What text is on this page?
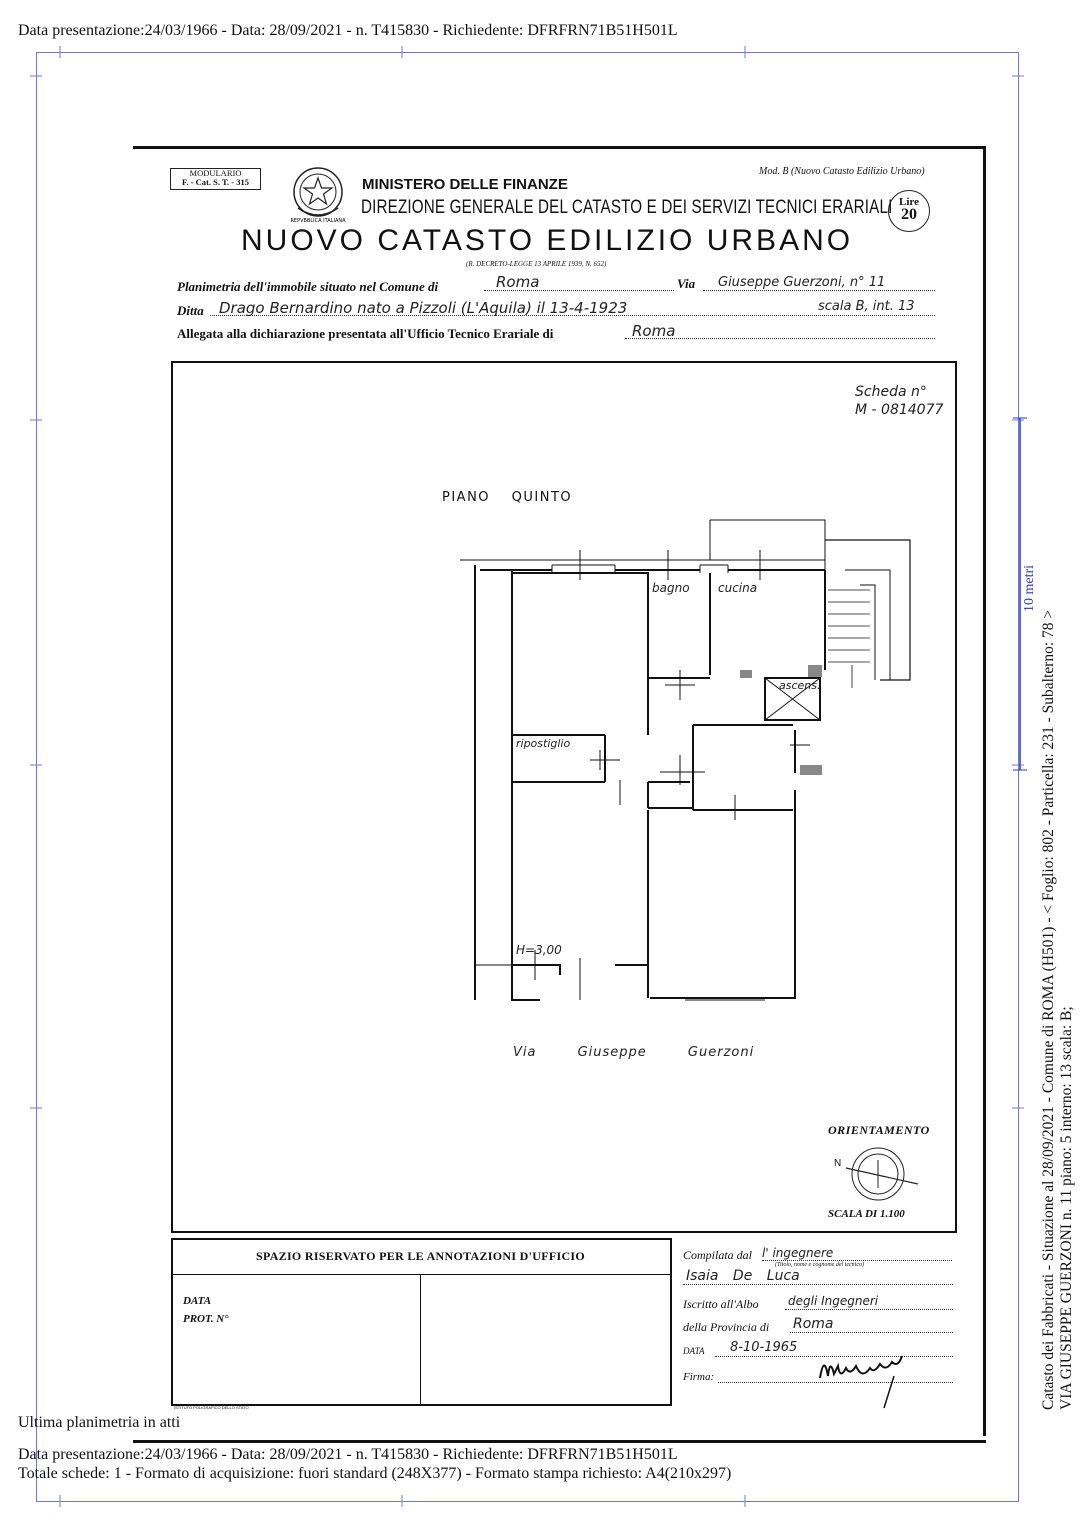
Data presentazione:24/03/1966 - Data: 28/09/2021 - n. T415830 - Richiedente: DFRFRN71B51H501L
10 metri
MODULARIO
F. - Cat. S. T. - 315
REPVBBLICA ITALIANA
Mod. B (Nuovo Catasto Edilizio Urbano)
MINISTERO DELLE FINANZE
DIREZIONE GENERALE DEL CATASTO E DEI SERVIZI TECNICI ERARIALI Lire
20
NUOVO CATASTO EDILIZIO URBANO
(R. DECRETO-LEGGE 13 APRILE 1939, N. 652)
Planimetria dell'immobile situato nel Comune di	Roma	Via Giuseppe Guerzoni, n° 11
Ditta Drago Bernardino nato a Pizzoli (L'Aquila) il 13-4-1923	scala B, int. 13
Allegata alla dichiarazione presentata all'Ufficio Tecnico Erariale di	Roma
Scheda n°
M - 0814077
PIANO QUINTO
bagno cucina
ascens.
ripostiglio
H=3,00
Via Giuseppe Guerzoni
ORIENTAMENTO
N
SCALA DI 1.100
SPAZIO RISERVATO PER LE ANNOTAZIONI D'UFFICIO
DATA
PROT. N°
ISTITUTO POLIGRAFICO DELLO STATO
Compilata dal l' ingegnere
(Titolo, nome e cognome del tecnico)
Isaia De Luca
Iscritto all'Albo degli Ingegneri
della Provincia di Roma
DATA 8-10-1965
Firma:
Ultima planimetria in atti
Data presentazione:24/03/1966 - Data: 28/09/2021 - n. T415830 - Richiedente: DFRFRN71B51H501L
Totale schede: 1 - Formato di acquisizione: fuori standard (248X377) - Formato stampa richiesto: A4(210x297)
Catasto dei Fabbricati - Situazione al 28/09/2021 - Comune di ROMA (H501) - < Foglio: 802 - Particella: 231 - Subalterno: 78 > VIA GIUSEPPE GUERZONI n. 11 piano: 5 interno: 13 scala: B;
